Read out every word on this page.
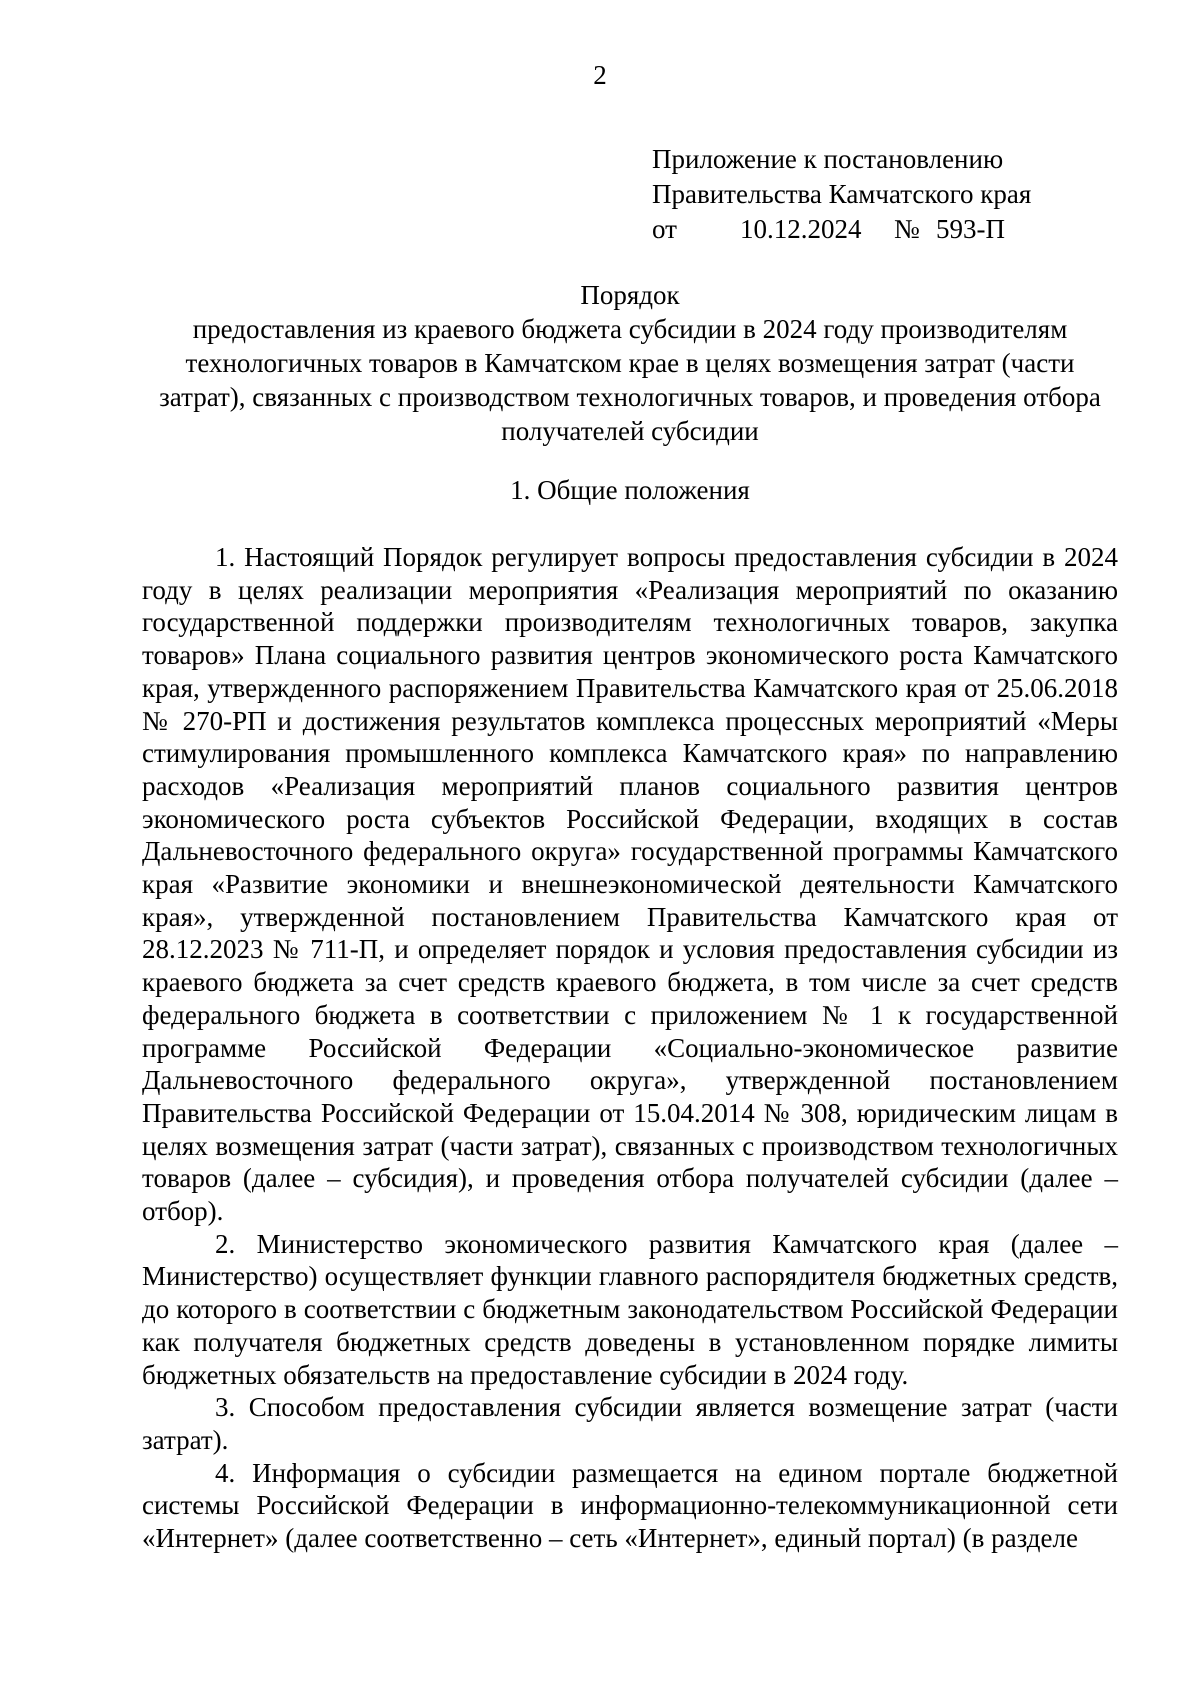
2
Приложение к постановлению
Правительства Камчатского края
от 10.12.2024 № 593-П
Порядок
предоставления из краевого бюджета субсидии в 2024 году производителям технологичных товаров в Камчатском крае в целях возмещения затрат (части затрат), связанных с производством технологичных товаров, и проведения отбора получателей субсидии
1. Общие положения

1. Настоящий Порядок регулирует вопросы предоставления субсидии в 2024 году в целях реализации мероприятия «Реализация мероприятий по оказанию государственной поддержки производителям технологичных товаров, закупка товаров» Плана социального развития центров экономического роста Камчатского края, утвержденного распоряжением Правительства Камчатского края от 25.06.2018 № 270-РП и достижения результатов комплекса процессных мероприятий «Меры стимулирования промышленного комплекса Камчатского края» по направлению расходов «Реализация мероприятий планов социального развития центров экономического роста субъектов Российской Федерации, входящих в состав Дальневосточного федерального округа» государственной программы Камчатского края «Развитие экономики и внешнеэкономической деятельности Камчатского края», утвержденной постановлением Правительства Камчатского края от 28.12.2023 № 711-П, и определяет порядок и условия предоставления субсидии из краевого бюджета за счет средств краевого бюджета, в том числе за счет средств федерального бюджета в соответствии с приложением № 1 к государственной программе Российской Федерации «Социально-экономическое развитие Дальневосточного федерального округа», утвержденной постановлением Правительства Российской Федерации от 15.04.2014 № 308, юридическим лицам в целях возмещения затрат (части затрат), связанных с производством технологичных товаров (далее – субсидия), и проведения отбора получателей субсидии (далее – отбор).

2. Министерство экономического развития Камчатского края (далее – Министерство) осуществляет функции главного распорядителя бюджетных средств, до которого в соответствии с бюджетным законодательством Российской Федерации как получателя бюджетных средств доведены в установленном порядке лимиты бюджетных обязательств на предоставление субсидии в 2024 году.

3. Способом предоставления субсидии является возмещение затрат (части затрат).

4. Информация о субсидии размещается на едином портале бюджетной системы Российской Федерации в информационно-телекоммуникационной сети «Интернет» (далее соответственно – сеть «Интернет», единый портал) (в разделе
